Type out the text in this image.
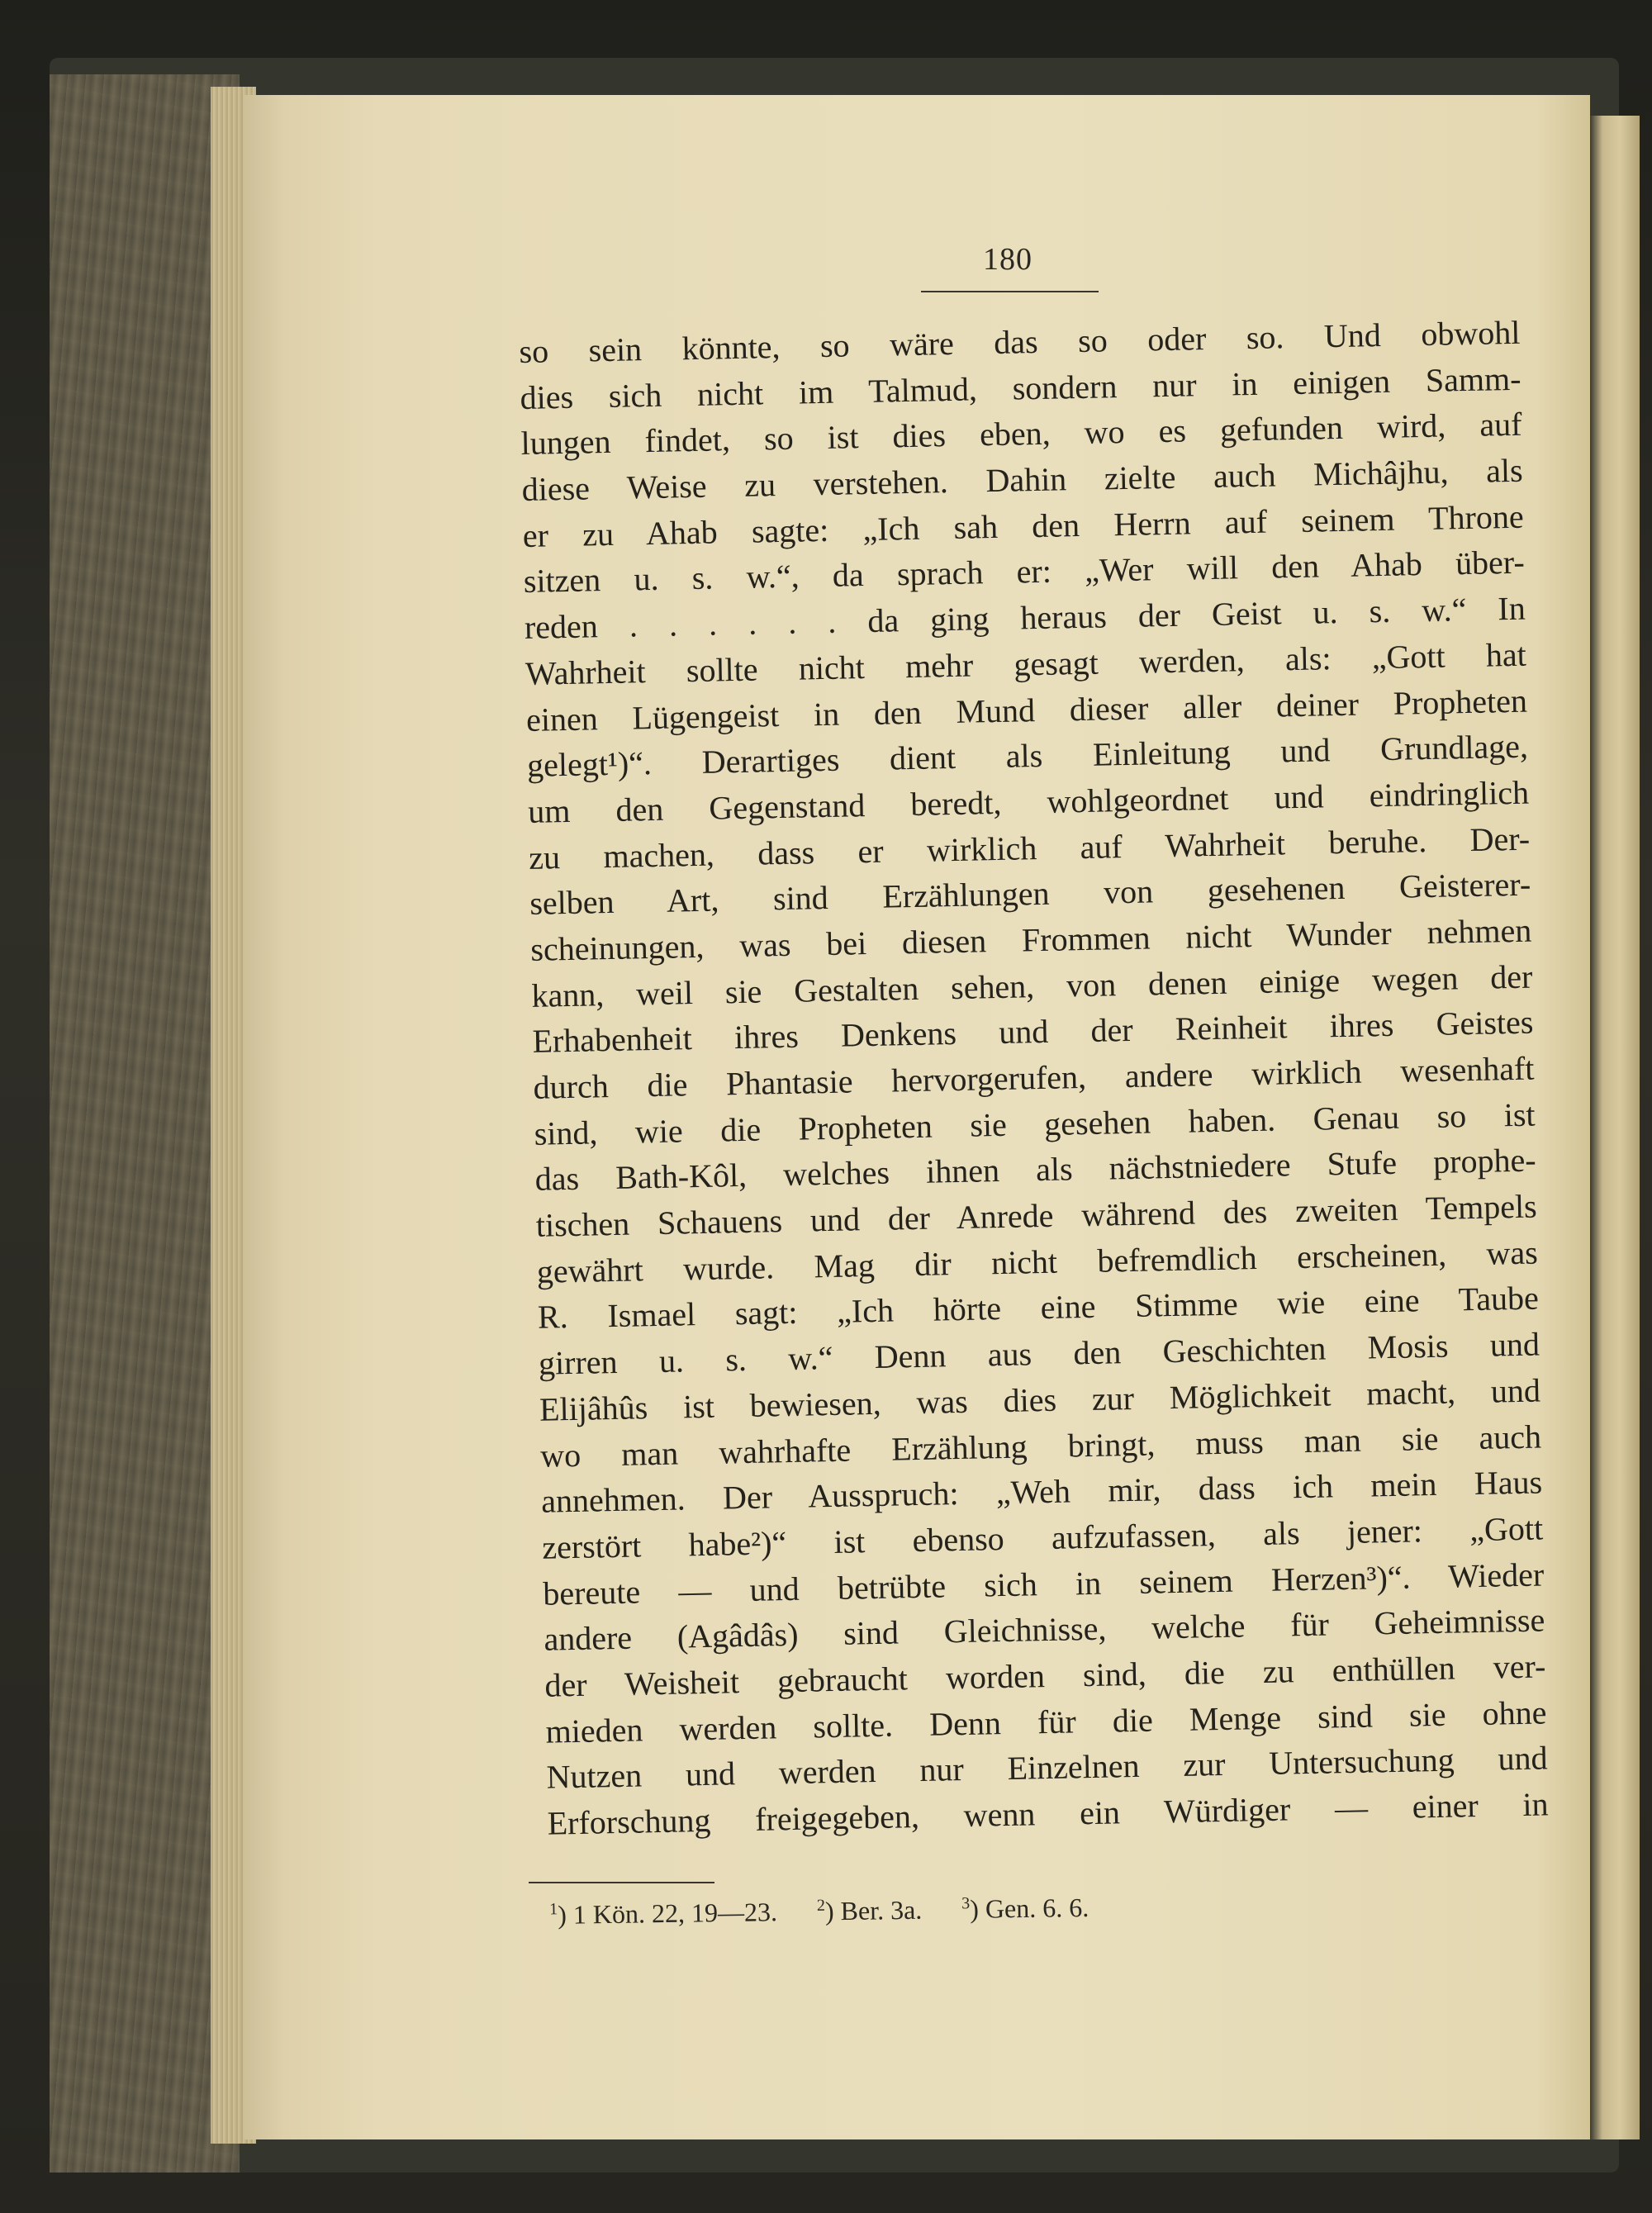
180
so sein könnte, so wäre das so oder so. Und obwohl
dies sich nicht im Talmud, sondern nur in einigen Samm-
lungen findet, so ist dies eben, wo es gefunden wird, auf
diese Weise zu verstehen. Dahin zielte auch Michâjhu, als
er zu Ahab sagte: „Ich sah den Herrn auf seinem Throne
sitzen u. s. w.“, da sprach er: „Wer will den Ahab über-
reden . . . . . . da ging heraus der Geist u. s. w.“ In
Wahrheit sollte nicht mehr gesagt werden, als: „Gott hat
einen Lügengeist in den Mund dieser aller deiner Propheten
gelegt¹)“. Derartiges dient als Einleitung und Grundlage,
um den Gegenstand beredt, wohlgeordnet und eindringlich
zu machen, dass er wirklich auf Wahrheit beruhe. Der-
selben Art, sind Erzählungen von gesehenen Geisterer-
scheinungen, was bei diesen Frommen nicht Wunder nehmen
kann, weil sie Gestalten sehen, von denen einige wegen der
Erhabenheit ihres Denkens und der Reinheit ihres Geistes
durch die Phantasie hervorgerufen, andere wirklich wesenhaft
sind, wie die Propheten sie gesehen haben. Genau so ist
das Bath-Kôl, welches ihnen als nächstniedere Stufe prophe-
tischen Schauens und der Anrede während des zweiten Tempels
gewährt wurde. Mag dir nicht befremdlich erscheinen, was
R. Ismael sagt: „Ich hörte eine Stimme wie eine Taube
girren u. s. w.“ Denn aus den Geschichten Mosis und
Elijâhûs ist bewiesen, was dies zur Möglichkeit macht, und
wo man wahrhafte Erzählung bringt, muss man sie auch
annehmen. Der Ausspruch: „Weh mir, dass ich mein Haus
zerstört habe²)“ ist ebenso aufzufassen, als jener: „Gott
bereute — und betrübte sich in seinem Herzen³)“. Wieder
andere (Agâdâs) sind Gleichnisse, welche für Geheimnisse
der Weisheit gebraucht worden sind, die zu enthüllen ver-
mieden werden sollte. Denn für die Menge sind sie ohne
Nutzen und werden nur Einzelnen zur Untersuchung und
Erforschung freigegeben, wenn ein Würdiger — einer in
$^1$) 1 Kön. 22, 19—23. $^2$) Ber. 3a. $^3$) Gen. 6. 6.
